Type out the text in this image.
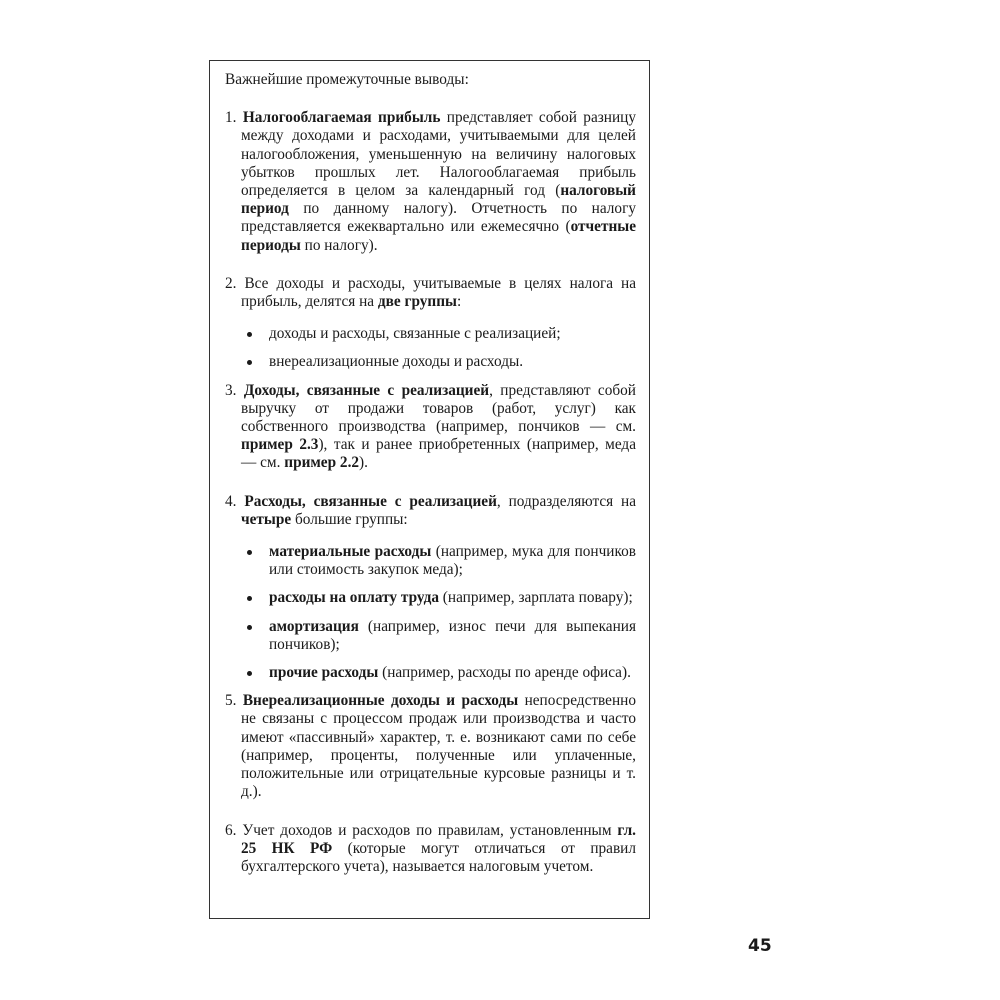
Важнейшие промежуточные выводы:

1. Налогооблагаемая прибыль представляет собой разницу между доходами и расходами, учитываемыми для целей налогообложения, уменьшенную на величину налоговых убытков прошлых лет. Налогооблагаемая прибыль определяется в целом за календарный год (налоговый период по данному налогу). Отчетность по налогу представляется ежеквартально или ежемесячно (отчетные периоды по налогу).

2. Все доходы и расходы, учитываемые в целях налога на прибыль, делятся на две группы:

доходы и расходы, связанные с реализацией;
внереализационные доходы и расходы.

3. Доходы, связанные с реализацией, представляют собой выручку от продажи товаров (работ, услуг) как собственного производства (например, пончиков — см. пример 2.3), так и ранее приобретенных (например, меда — см. пример 2.2).

4. Расходы, связанные с реализацией, подразделяются на четыре большие группы:

материальные расходы (например, мука для пончиков или стоимость закупок меда);
расходы на оплату труда (например, зарплата повару);
амортизация (например, износ печи для выпекания пончиков);
прочие расходы (например, расходы по аренде офиса).

5. Внереализационные доходы и расходы непосредственно не связаны с процессом продаж или производства и часто имеют «пассивный» характер, т. е. возникают сами по себе (например, проценты, полученные или уплаченные, положительные или отрицательные курсовые разницы и т. д.).

6. Учет доходов и расходов по правилам, установленным гл. 25 НК РФ (которые могут отличаться от правил бухгалтерского учета), называется налоговым учетом.

45
